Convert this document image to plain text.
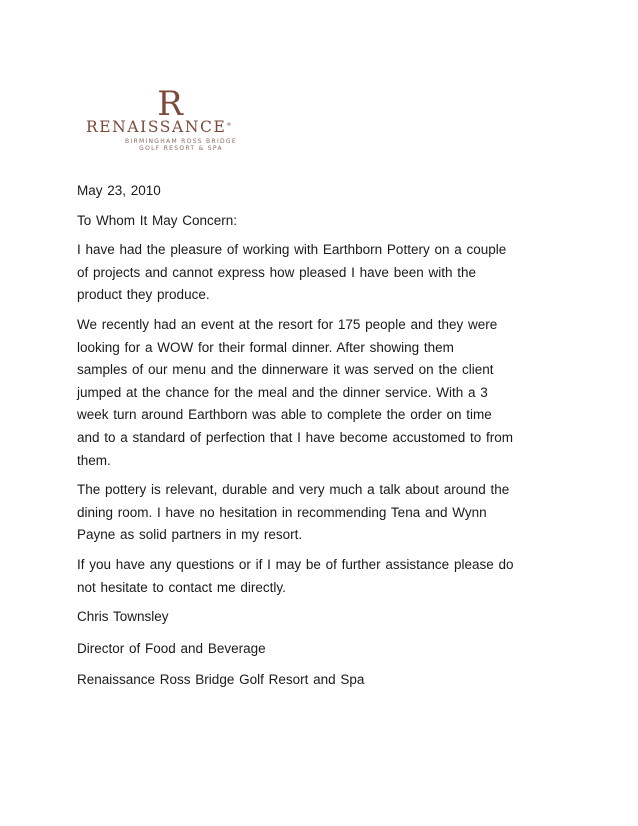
R
RENAISSANCE®
BIRMINGHAM ROSS BRIDGE
GOLF RESORT & SPA

May 23, 2010

To Whom It May Concern:

I have had the pleasure of working with Earthborn Pottery on a couple
of projects and cannot express how pleased I have been with the
product they produce.

We recently had an event at the resort for 175 people and they were
looking for a WOW for their formal dinner. After showing them
samples of our menu and the dinnerware it was served on the client
jumped at the chance for the meal and the dinner service. With a 3
week turn around Earthborn was able to complete the order on time
and to a standard of perfection that I have become accustomed to from
them.

The pottery is relevant, durable and very much a talk about around the
dining room. I have no hesitation in recommending Tena and Wynn
Payne as solid partners in my resort.

If you have any questions or if I may be of further assistance please do
not hesitate to contact me directly.

Chris Townsley

Director of Food and Beverage

Renaissance Ross Bridge Golf Resort and Spa
